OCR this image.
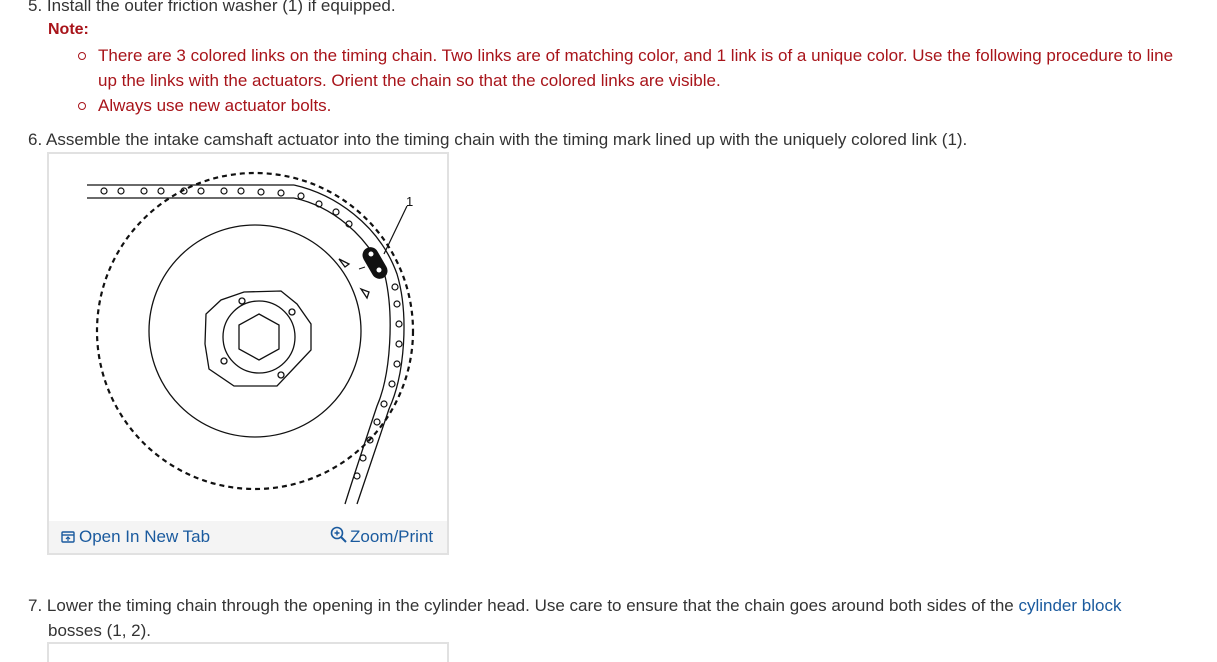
5. Install the outer friction washer (1) if equipped.
Note:
There are 3 colored links on the timing chain. Two links are of matching color, and 1 link is of a unique color. Use the following procedure to line
up the links with the actuators. Orient the chain so that the colored links are visible.
Always use new actuator bolts.
6. Assemble the intake camshaft actuator into the timing chain with the timing mark lined up with the uniquely colored link (1).
1
Open In New Tab	Zoom/Print
7. Lower the timing chain through the opening in the cylinder head. Use care to ensure that the chain goes around both sides of the cylinder block
bosses (1, 2).
